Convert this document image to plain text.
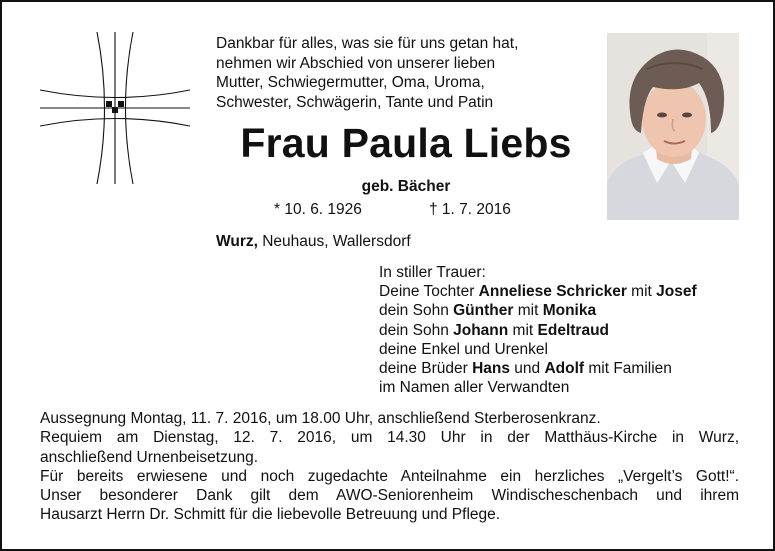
Dankbar für alles, was sie für uns getan hat,
nehmen wir Abschied von unserer lieben
Mutter, Schwiegermutter, Oma, Uroma,
Schwester, Schwägerin, Tante und Patin
Frau Paula Liebs
geb. Bächer
* 10. 6. 1926	† 1. 7. 2016
Wurz, Neuhaus, Wallersdorf
In stiller Trauer:
Deine Tochter Anneliese Schricker mit Josef
dein Sohn Günther mit Monika
dein Sohn Johann mit Edeltraud
deine Enkel und Urenkel
deine Brüder Hans und Adolf mit Familien
im Namen aller Verwandten
Aussegnung Montag, 11. 7. 2016, um 18.00 Uhr, anschließend Sterberosenkranz.
Requiem am Dienstag, 12. 7. 2016, um 14.30 Uhr in der Matthäus-Kirche in Wurz,
anschließend Urnenbeisetzung.
Für bereits erwiesene und noch zugedachte Anteilnahme ein herzliches „Vergelt’s Gott!“.
Unser besonderer Dank gilt dem AWO-Seniorenheim Windischeschenbach und ihrem
Hausarzt Herrn Dr. Schmitt für die liebevolle Betreuung und Pflege.
